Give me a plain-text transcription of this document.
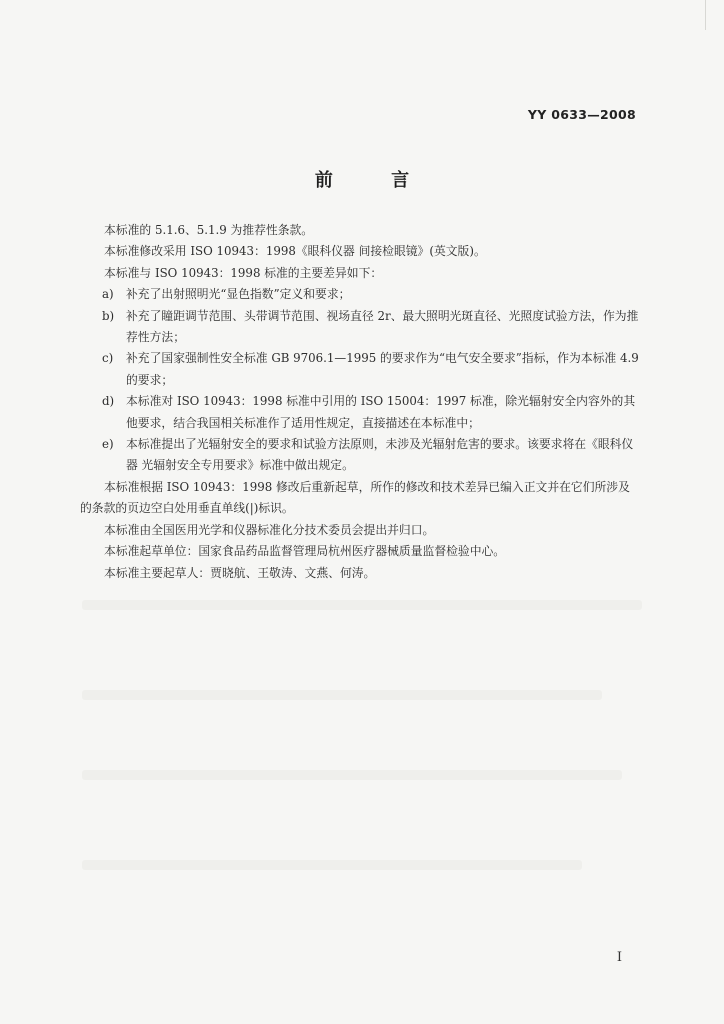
YY 0633—2008
前 言

本标准的 5.1.6、5.1.9 为推荐性条款。

本标准修改采用 ISO 10943：1998《眼科仪器 间接检眼镜》(英文版)。

本标准与 ISO 10943：1998 标准的主要差异如下：

a) 补充了出射照明光“显色指数”定义和要求；
b) 补充了瞳距调节范围、头带调节范围、视场直径 2r、最大照明光斑直径、光照度试验方法，作为推荐性方法；
c) 补充了国家强制性安全标准 GB 9706.1—1995 的要求作为“电气安全要求”指标，作为本标准 4.9 的要求；
d) 本标准对 ISO 10943：1998 标准中引用的 ISO 15004：1997 标准，除光辐射安全内容外的其他要求，结合我国相关标准作了适用性规定，直接描述在本标准中；
e) 本标准提出了光辐射安全的要求和试验方法原则，未涉及光辐射危害的要求。该要求将在《眼科仪器 光辐射安全专用要求》标准中做出规定。

本标准根据 ISO 10943：1998 修改后重新起草，所作的修改和技术差异已编入正文并在它们所涉及的条款的页边空白处用垂直单线(|)标识。

本标准由全国医用光学和仪器标准化分技术委员会提出并归口。

本标准起草单位：国家食品药品监督管理局杭州医疗器械质量监督检验中心。

本标准主要起草人：贾晓航、王敬涛、文燕、何涛。

I
